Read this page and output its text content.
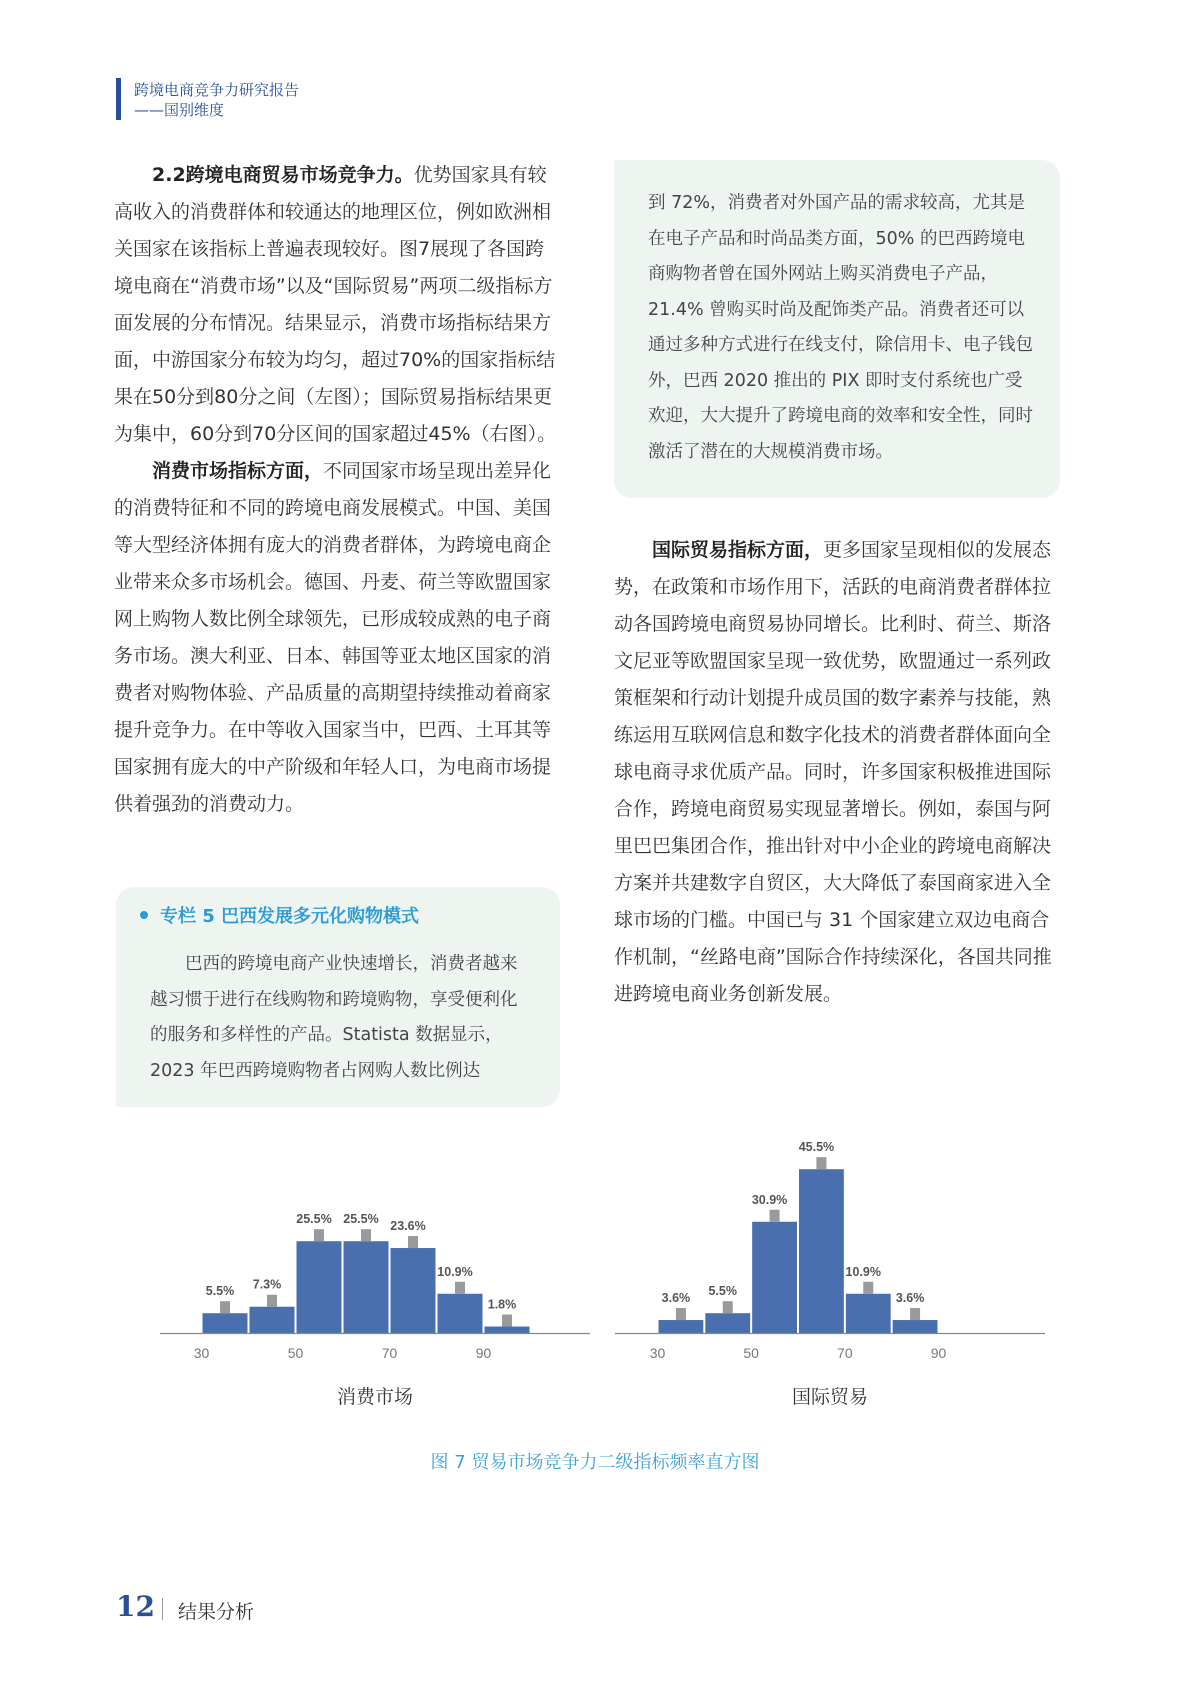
跨境电商竞争力研究报告
——国别维度

2.2跨境电商贸易市场竞争力。优势国家具有较高收入的消费群体和较通达的地理区位，例如欧洲相关国家在该指标上普遍表现较好。图7展现了各国跨境电商在“消费市场”以及“国际贸易”两项二级指标方面发展的分布情况。结果显示，消费市场指标结果方面，中游国家分布较为均匀，超过70%的国家指标结果在50分到80分之间（左图）；国际贸易指标结果更为集中，60分到70分区间的国家超过45%（右图）。

消费市场指标方面，不同国家市场呈现出差异化的消费特征和不同的跨境电商发展模式。中国、美国等大型经济体拥有庞大的消费者群体，为跨境电商企业带来众多市场机会。德国、丹麦、荷兰等欧盟国家网上购物人数比例全球领先，已形成较成熟的电子商务市场。澳大利亚、日本、韩国等亚太地区国家的消费者对购物体验、产品质量的高期望持续推动着商家提升竞争力。在中等收入国家当中，巴西、土耳其等国家拥有庞大的中产阶级和年轻人口，为电商市场提供着强劲的消费动力。

专栏 5 巴西发展多元化购物模式

巴西的跨境电商产业快速增长，消费者越来越习惯于进行在线购物和跨境购物，享受便利化的服务和多样性的产品。Statista 数据显示，2023 年巴西跨境购物者占网购人数比例达

到 72%，消费者对外国产品的需求较高，尤其是在电子产品和时尚品类方面，50% 的巴西跨境电商购物者曾在国外网站上购买消费电子产品，21.4% 曾购买时尚及配饰类产品。消费者还可以通过多种方式进行在线支付，除信用卡、电子钱包外，巴西 2020 推出的 PIX 即时支付系统也广受欢迎，大大提升了跨境电商的效率和安全性，同时激活了潜在的大规模消费市场。

国际贸易指标方面，更多国家呈现相似的发展态势，在政策和市场作用下，活跃的电商消费者群体拉动各国跨境电商贸易协同增长。比利时、荷兰、斯洛文尼亚等欧盟国家呈现一致优势，欧盟通过一系列政策框架和行动计划提升成员国的数字素养与技能，熟练运用互联网信息和数字化技术的消费者群体面向全球电商寻求优质产品。同时，许多国家积极推进国际合作，跨境电商贸易实现显著增长。例如，泰国与阿里巴巴集团合作，推出针对中小企业的跨境电商解决方案并共建数字自贸区，大大降低了泰国商家进入全球市场的门槛。中国已与 31 个国家建立双边电商合作机制，“丝路电商”国际合作持续深化，各国共同推进跨境电商业务创新发展。

5.5% 7.3%
25.5% 25.5% 23.6%
10.9%
1.8%
30	50	70	90
消费市场
3.6% 5.5%
30.9%
45.5%
10.9%
3.6%
30	50	70	90
国际贸易
图 7 贸易市场竞争力二级指标频率直方图
12 结果分析
